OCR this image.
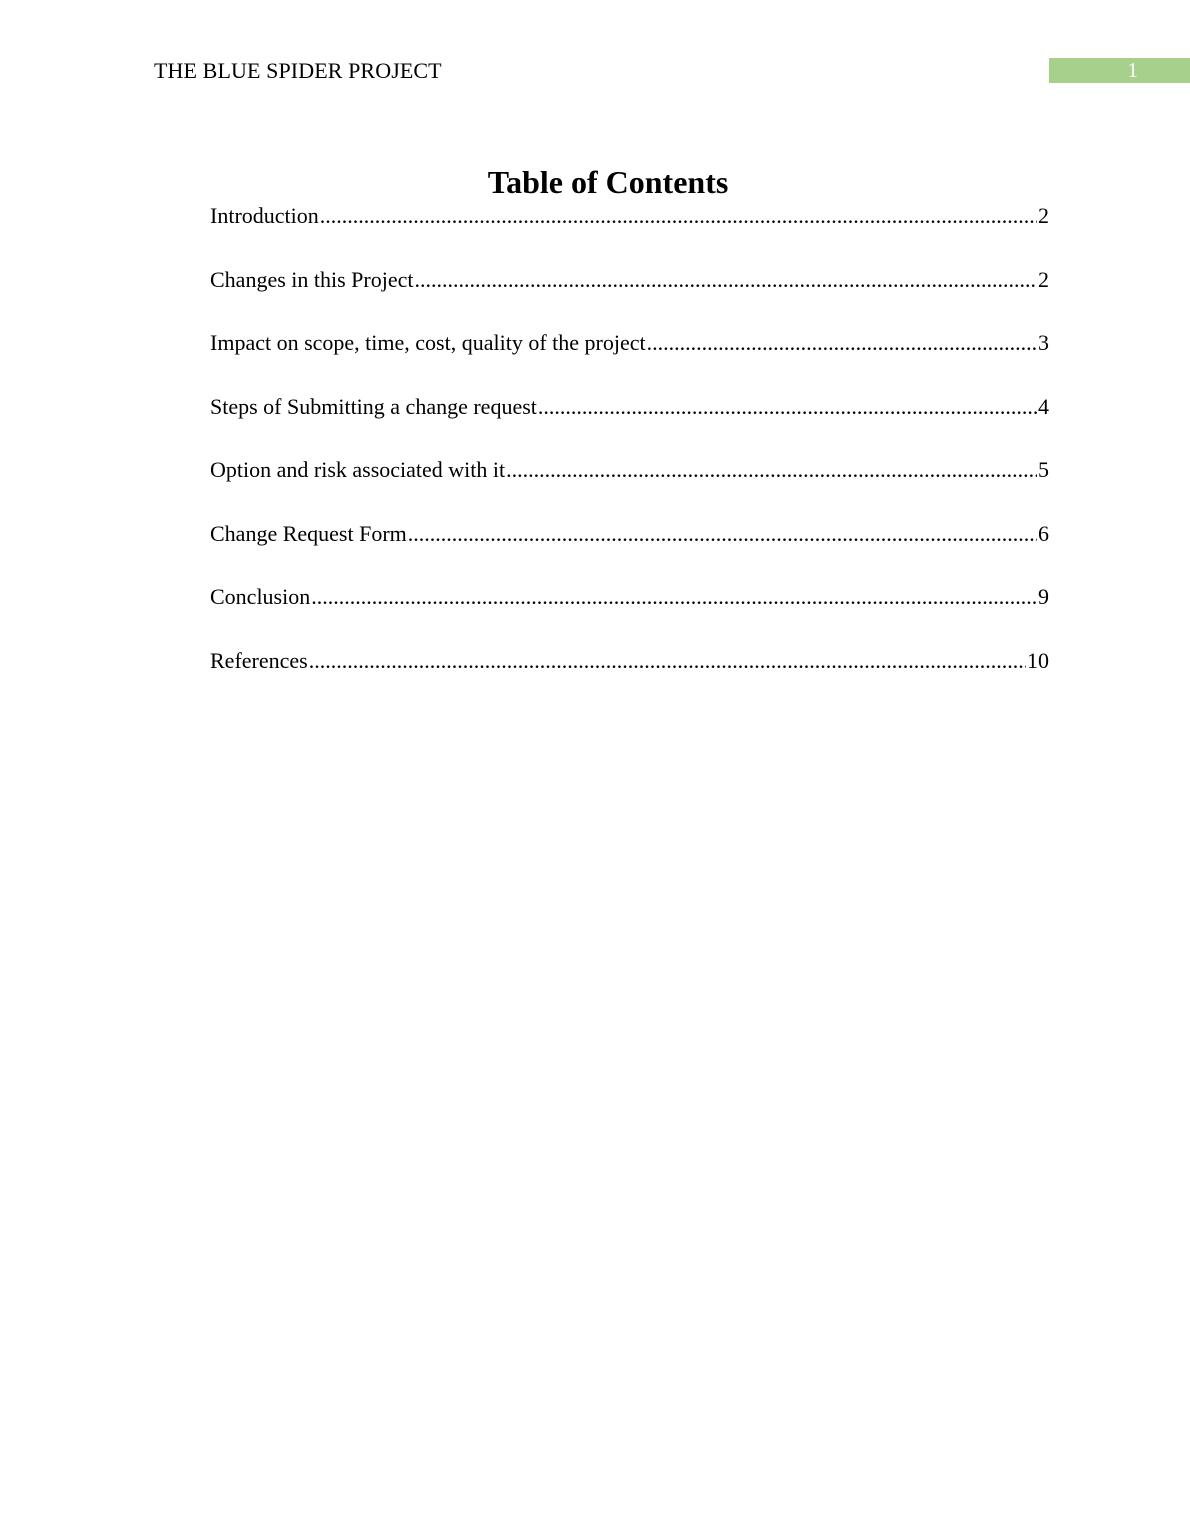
THE BLUE SPIDER PROJECT	1
Table of Contents
Introduction .....	2
Changes in this Project .....	2
Impact on scope, time, cost, quality of the project .....	3
Steps of Submitting a change request .....	4
Option and risk associated with it .....	5
Change Request Form .....	6
Conclusion .....	9
References .....	10
